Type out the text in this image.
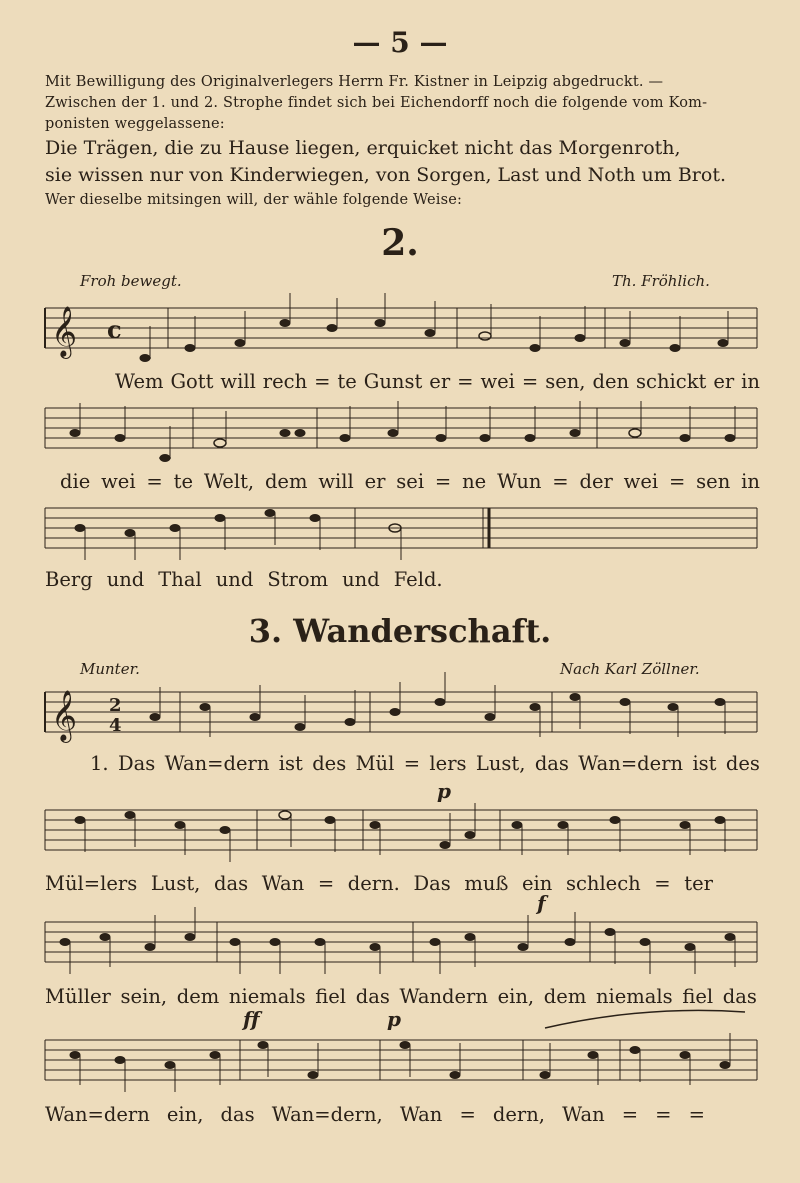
— 5 —
Mit Bewilligung des Originalverlegers Herrn Fr. Kistner in Leipzig abgedruckt. —
Zwischen der 1. und 2. Strophe findet sich bei Eichendorff noch die folgende vom Kom-
ponisten weggelassene:
Die Trägen, die zu Hause liegen, erquicket nicht das Morgenroth,
sie wissen nur von Kinderwiegen, von Sorgen, Last und Noth um Brot.
Wer dieselbe mitsingen will, der wähle folgende Weise:
2.
Froh bewegt.	Th. Fröhlich.
𝄞 c
Wem Gott will rech = te Gunst er = wei = sen, den schickt er in
die wei = te Welt, dem will er sei = ne Wun = der wei = sen in
Berg und Thal und Strom und Feld.
3. Wanderschaft.
Munter.	Nach Karl Zöllner.
𝄞 2
4
1. Das Wan=dern ist des Mül = lers Lust, das Wan=dern ist des
p
Mül=lers Lust, das Wan = dern. Das muß ein schlech = ter
f
Müller sein, dem niemals fiel das Wandern ein, dem niemals fiel das
ff	p
Wan=dern ein, das Wan=dern, Wan = dern, Wan = = =
